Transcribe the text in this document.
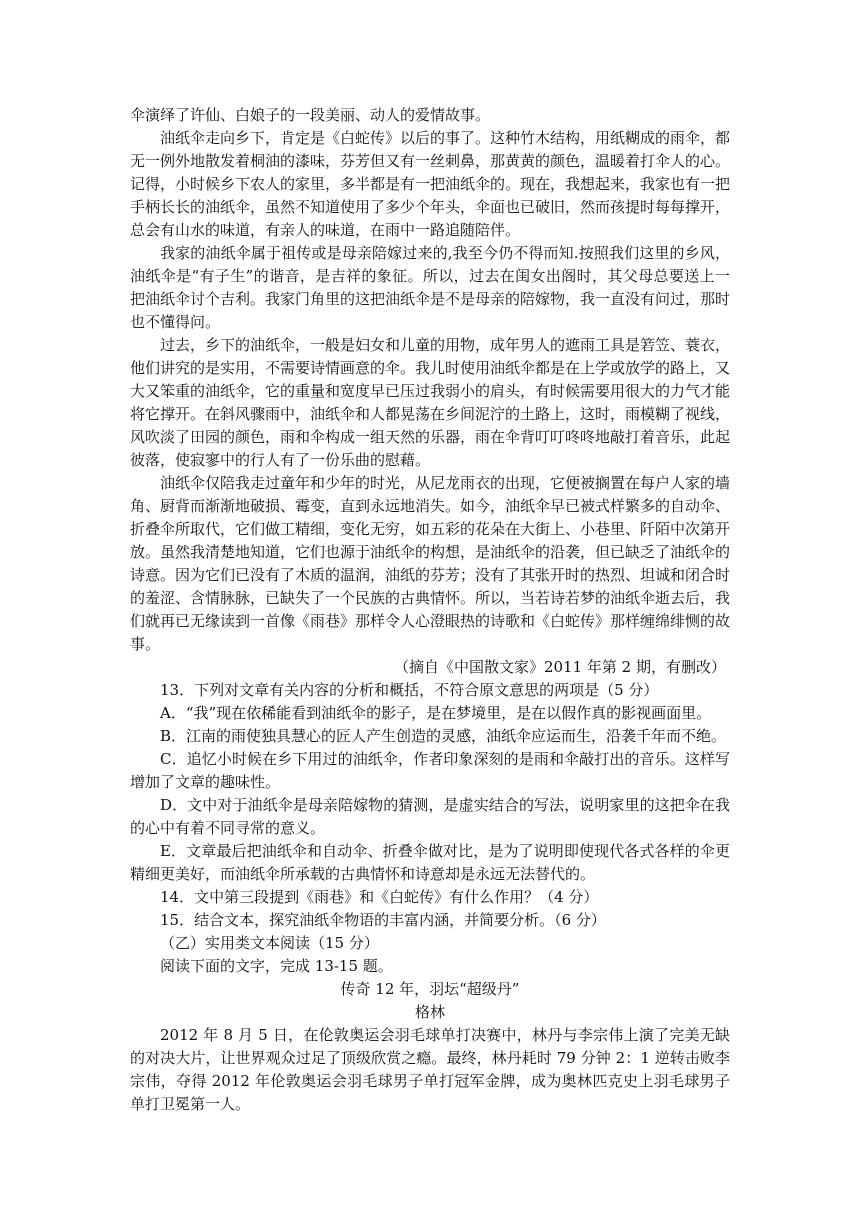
伞演绎了许仙、白娘子的一段美丽、动人的爱情故事。

油纸伞走向乡下，肯定是《白蛇传》以后的事了。这种竹木结构，用纸糊成的雨伞，都无一例外地散发着桐油的漆味，芬芳但又有一丝刺鼻，那黄黄的颜色，温暖着打伞人的心。记得，小时候乡下农人的家里，多半都是有一把油纸伞的。现在，我想起来，我家也有一把手柄长长的油纸伞，虽然不知道使用了多少个年头，伞面也已破旧，然而孩提时每每撑开，总会有山水的味道，有亲人的味道，在雨中一路追随陪伴。

我家的油纸伞属于祖传或是母亲陪嫁过来的,我至今仍不得而知.按照我们这里的乡风，油纸伞是“有子生”的谐音，是吉祥的象征。所以，过去在闺女出阁时，其父母总要送上一把油纸伞讨个吉利。我家门角里的这把油纸伞是不是母亲的陪嫁物，我一直没有问过，那时也不懂得问。

过去，乡下的油纸伞，一般是妇女和儿童的用物，成年男人的遮雨工具是箬笠、蓑衣，他们讲究的是实用，不需要诗情画意的伞。我儿时使用油纸伞都是在上学或放学的路上，又大又笨重的油纸伞，它的重量和宽度早已压过我弱小的肩头，有时候需要用很大的力气才能将它撑开。在斜风骤雨中，油纸伞和人都晃荡在乡间泥泞的土路上，这时，雨模糊了视线，风吹淡了田园的颜色，雨和伞构成一组天然的乐器，雨在伞背叮叮咚咚地敲打着音乐，此起彼落，使寂寥中的行人有了一份乐曲的慰藉。

油纸伞仅陪我走过童年和少年的时光，从尼龙雨衣的出现，它便被搁置在每户人家的墙角、厨背而渐渐地破损、霉变，直到永远地消失。如今，油纸伞早已被式样繁多的自动伞、折叠伞所取代，它们做工精细，变化无穷，如五彩的花朵在大街上、小巷里、阡陌中次第开放。虽然我清楚地知道，它们也源于油纸伞的构想，是油纸伞的沿袭，但已缺乏了油纸伞的诗意。因为它们已没有了木质的温润，油纸的芬芳；没有了其张开时的热烈、坦诚和闭合时的羞涩、含情脉脉，已缺失了一个民族的古典情怀。所以，当若诗若梦的油纸伞逝去后，我们就再已无缘读到一首像《雨巷》那样令人心澄眼热的诗歌和《白蛇传》那样缠绵绯恻的故事。

（摘自《中国散文家》2011 年第 2 期，有删改）

13．下列对文章有关内容的分析和概括，不符合原文意思的两项是（5 分）

A．“我”现在依稀能看到油纸伞的影子，是在梦境里，是在以假作真的影视画面里。

B．江南的雨使独具慧心的匠人产生创造的灵感，油纸伞应运而生，沿袭千年而不绝。

C．追忆小时候在乡下用过的油纸伞，作者印象深刻的是雨和伞敲打出的音乐。这样写增加了文章的趣味性。

D．文中对于油纸伞是母亲陪嫁物的猜测，是虚实结合的写法，说明家里的这把伞在我的心中有着不同寻常的意义。

E．文章最后把油纸伞和自动伞、折叠伞做对比，是为了说明即使现代各式各样的伞更精细更美好，而油纸伞所承载的古典情怀和诗意却是永远无法替代的。

14．文中第三段提到《雨巷》和《白蛇传》有什么作用？（4 分）

15．结合文本，探究油纸伞物语的丰富内涵，并简要分析。（6 分）

（乙）实用类文本阅读（15 分）

阅读下面的文字，完成 13-15 题。

传奇 12 年，羽坛“超级丹”

格林

2012 年 8 月 5 日，在伦敦奥运会羽毛球单打决赛中，林丹与李宗伟上演了完美无缺的对决大片，让世界观众过足了顶级欣赏之瘾。最终，林丹耗时 79 分钟 2：1 逆转击败李宗伟，夺得 2012 年伦敦奥运会羽毛球男子单打冠军金牌，成为奥林匹克史上羽毛球男子单打卫冕第一人。
